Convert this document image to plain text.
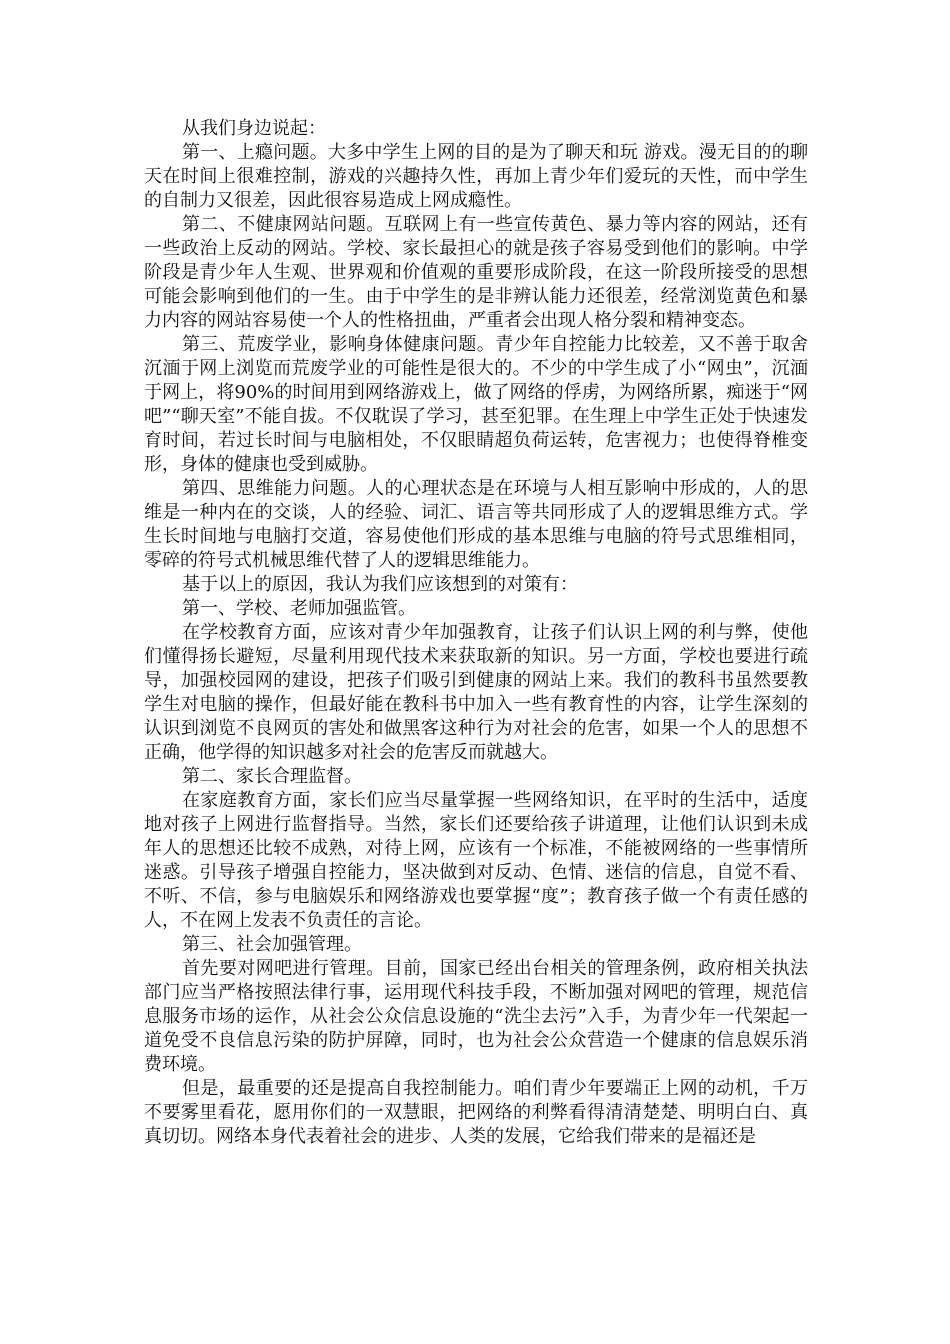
从我们身边说起：

第一、上瘾问题。大多中学生上网的目的是为了聊天和玩 游戏。漫无目的的聊天在时间上很难控制，游戏的兴趣持久性，再加上青少年们爱玩的天性，而中学生的自制力又很差，因此很容易造成上网成瘾性。

第二、不健康网站问题。互联网上有一些宣传黄色、暴力等内容的网站，还有一些政治上反动的网站。学校、家长最担心的就是孩子容易受到他们的影响。中学阶段是青少年人生观、世界观和价值观的重要形成阶段，在这一阶段所接受的思想可能会影响到他们的一生。由于中学生的是非辨认能力还很差，经常浏览黄色和暴力内容的网站容易使一个人的性格扭曲，严重者会出现人格分裂和精神变态。

第三、荒废学业，影响身体健康问题。青少年自控能力比较差，又不善于取舍沉湎于网上浏览而荒废学业的可能性是很大的。不少的中学生成了小“网虫”，沉湎于网上，将90%的时间用到网络游戏上，做了网络的俘虏，为网络所累，痴迷于“网吧”“聊天室”不能自拔。不仅耽误了学习，甚至犯罪。在生理上中学生正处于快速发育时间，若过长时间与电脑相处，不仅眼睛超负荷运转，危害视力；也使得脊椎变形，身体的健康也受到威胁。

第四、思维能力问题。人的心理状态是在环境与人相互影响中形成的，人的思维是一种内在的交谈，人的经验、词汇、语言等共同形成了人的逻辑思维方式。学生长时间地与电脑打交道，容易使他们形成的基本思维与电脑的符号式思维相同，零碎的符号式机械思维代替了人的逻辑思维能力。

基于以上的原因，我认为我们应该想到的对策有：

第一、学校、老师加强监管。

在学校教育方面，应该对青少年加强教育，让孩子们认识上网的利与弊，使他们懂得扬长避短，尽量利用现代技术来获取新的知识。另一方面，学校也要进行疏导，加强校园网的建设，把孩子们吸引到健康的网站上来。我们的教科书虽然要教学生对电脑的操作，但最好能在教科书中加入一些有教育性的内容，让学生深刻的认识到浏览不良网页的害处和做黑客这种行为对社会的危害，如果一个人的思想不正确，他学得的知识越多对社会的危害反而就越大。

第二、家长合理监督。

在家庭教育方面，家长们应当尽量掌握一些网络知识，在平时的生活中，适度地对孩子上网进行监督指导。当然，家长们还要给孩子讲道理，让他们认识到未成年人的思想还比较不成熟，对待上网，应该有一个标准，不能被网络的一些事情所迷惑。引导孩子增强自控能力，坚决做到对反动、色情、迷信的信息，自觉不看、不听、不信，参与电脑娱乐和网络游戏也要掌握“度”；教育孩子做一个有责任感的人，不在网上发表不负责任的言论。

第三、社会加强管理。

首先要对网吧进行管理。目前，国家已经出台相关的管理条例，政府相关执法部门应当严格按照法律行事，运用现代科技手段，不断加强对网吧的管理，规范信息服务市场的运作，从社会公众信息设施的“洗尘去污”入手，为青少年一代架起一道免受不良信息污染的防护屏障，同时，也为社会公众营造一个健康的信息娱乐消费环境。

但是，最重要的还是提高自我控制能力。咱们青少年要端正上网的动机，千万不要雾里看花，愿用你们的一双慧眼，把网络的利弊看得清清楚楚、明明白白、真真切切。网络本身代表着社会的进步、人类的发展，它给我们带来的是福还是
